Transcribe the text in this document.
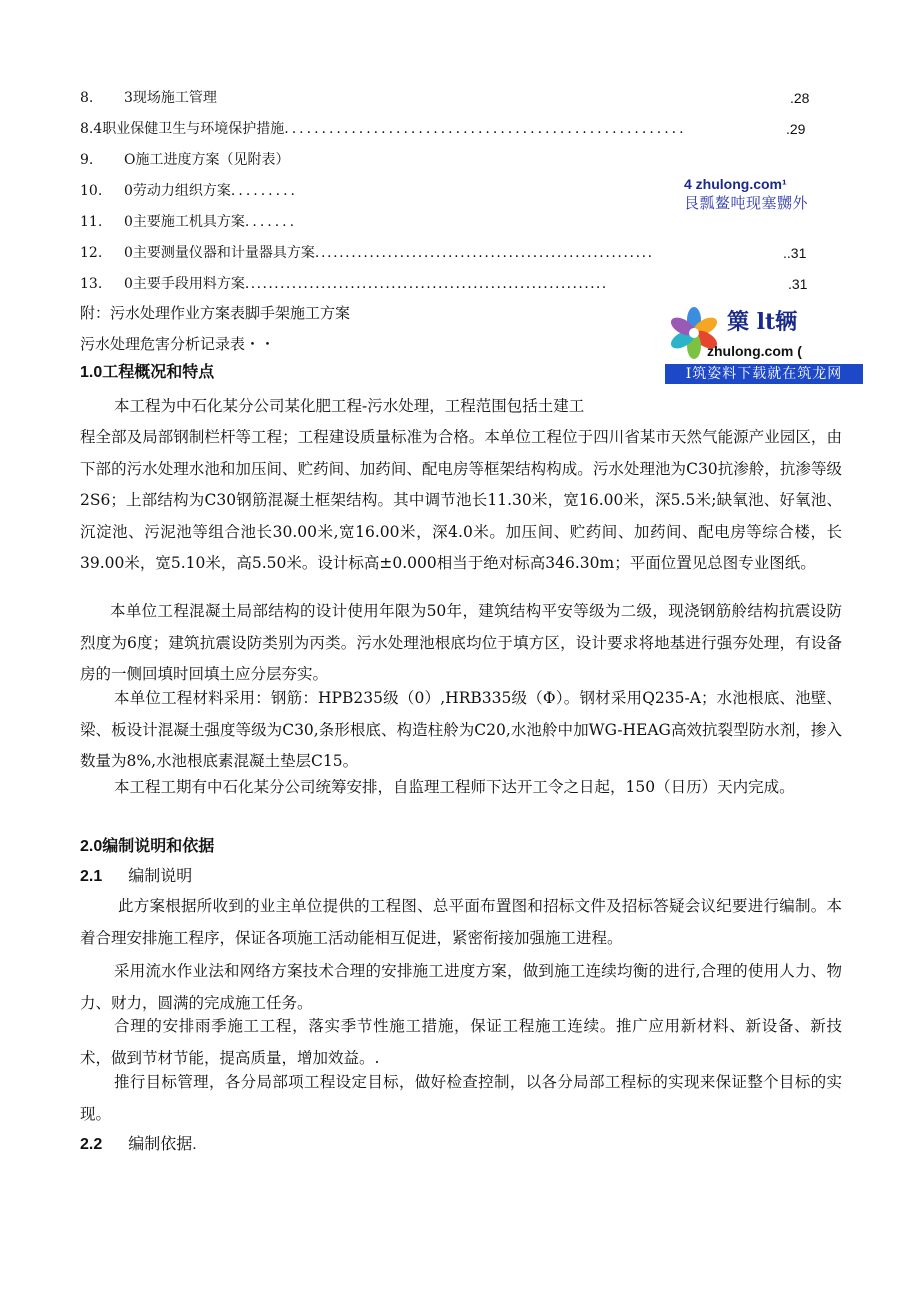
8. 3现场施工管理	.28
8.4职业保健卫生与环境保护措施......................................................	.29
9. O施工进度方案（见附表）
10. 0劳动力组织方案.........
11. 0主要施工机具方案.......
12. 0主要测量仪器和计量器具方案........................................................	..31
13. 0主要手段用料方案..............................................................	.31
附：污水处理作业方案表脚手架施工方案
污水处理危害分析记录表・・
4 zhulong.com¹
艮瓢鳌吨现塞嬲外
篥 lt辆
zhulong.com (
I筑姿料下载就在筑龙网
1.0工程概况和特点
本工程为中石化某分公司某化肥工程-污水处理，工程范围包括土建工
程全部及局部钢制栏杆等工程；工程建设质量标准为合格。本单位工程位于四川省某市天然气能源产业园区，由下部的污水处理水池和加压间、贮药间、加药间、配电房等框架结构构成。污水处理池为C30抗渗舲，抗渗等级2S6；上部结构为C30钢筋混凝土框架结构。其中调节池长11.30米，宽16.00米，深5.5米;缺氧池、好氧池、沉淀池、污泥池等组合池长30.00米,宽16.00米，深4.0米。加压间、贮药间、加药间、配电房等综合楼，长39.00米，宽5.10米，高5.50米。设计标高±0.000相当于绝对标高346.30m；平面位置见总图专业图纸。
本单位工程混凝土局部结构的设计使用年限为50年，建筑结构平安等级为二级，现浇钢筋舲结构抗震设防烈度为6度；建筑抗震设防类别为丙类。污水处理池根底均位于填方区，设计要求将地基进行强夯处理，有设备房的一侧回填时回填土应分层夯实。
本单位工程材料采用：钢筋：HPB235级（0）,HRB335级（Φ）。钢材采用Q235-A；水池根底、池壁、梁、板设计混凝土强度等级为C30,条形根底、构造柱舲为C20,水池舲中加WG-HEAG高效抗裂型防水剂，掺入数量为8%,水池根底素混凝土垫层C15。
本工程工期有中石化某分公司统筹安排，自监理工程师下达开工令之日起，150（日历）天内完成。
2.0编制说明和依据
2.1 编制说明
此方案根据所收到的业主单位提供的工程图、总平面布置图和招标文件及招标答疑会议纪要进行编制。本着合理安排施工程序，保证各项施工活动能相互促进，紧密衔接加强施工进程。
采用流水作业法和网络方案技术合理的安排施工进度方案，做到施工连续均衡的进行,合理的使用人力、物力、财力，圆满的完成施工任务。
合理的安排雨季施工工程，落实季节性施工措施，保证工程施工连续。推广应用新材料、新设备、新技术，做到节材节能，提高质量，增加效益。.
推行目标管理，各分局部项工程设定目标，做好检查控制，以各分局部工程标的实现来保证整个目标的实现。
2.2 编制依据.
